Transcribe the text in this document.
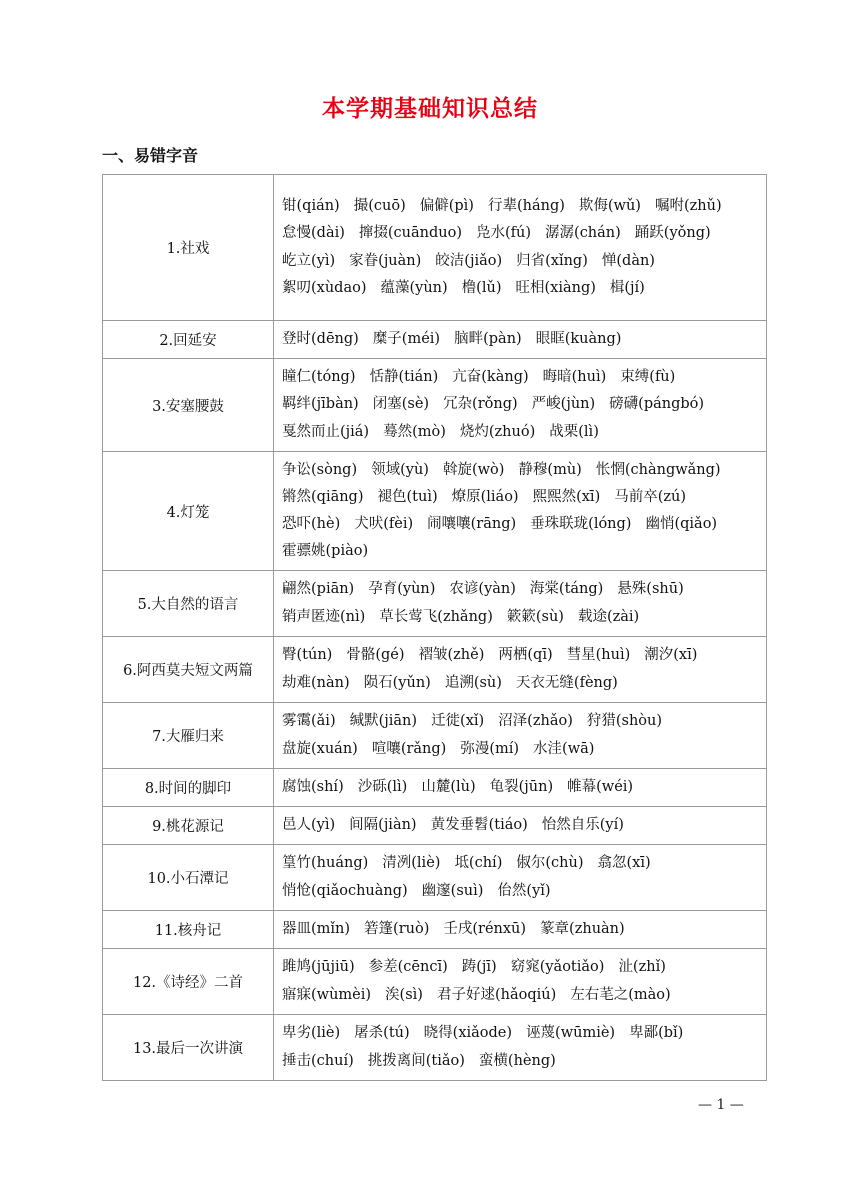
本学期基础知识总结
一、易错字音
1.社戏	钳(qián) 撮(cuō) 偏僻(pì) 行辈(háng) 欺侮(wǔ) 嘱咐(zhǔ)怠慢(dài) 撺掇(cuānduo) 凫水(fú) 潺潺(chán) 踊跃(yǒng)屹立(yì) 家眷(juàn) 皎洁(jiǎo) 归省(xǐng) 惮(dàn)絮叨(xùdao) 蕴藻(yùn) 橹(lǔ) 旺相(xiàng) 楫(jí)
2.回延安	登时(dēng) 糜子(méi) 脑畔(pàn) 眼眶(kuàng)
3.安塞腰鼓	瞳仁(tóng) 恬静(tián) 亢奋(kàng) 晦暗(huì) 束缚(fù)羁绊(jībàn) 闭塞(sè) 冗杂(rǒng) 严峻(jùn) 磅礴(pángbó)戛然而止(jiá) 蓦然(mò) 烧灼(zhuó) 战栗(lì)
4.灯笼	争讼(sòng) 领域(yù) 斡旋(wò) 静穆(mù) 怅惘(chàngwǎng)锵然(qiāng) 褪色(tuì) 燎原(liáo) 熙熙然(xī) 马前卒(zú)恐吓(hè) 犬吠(fèi) 闹嚷嚷(rāng) 垂珠联珑(lóng) 幽悄(qiǎo)霍骠姚(piào)
5.大自然的语言	翩然(piān) 孕育(yùn) 农谚(yàn) 海棠(táng) 悬殊(shū)销声匿迹(nì) 草长莺飞(zhǎng) 簌簌(sù) 载途(zài)
6.阿西莫夫短文两篇	臀(tún) 骨骼(gé) 褶皱(zhě) 两栖(qī) 彗星(huì) 潮汐(xī)劫难(nàn) 陨石(yǔn) 追溯(sù) 天衣无缝(fèng)
7.大雁归来	雾霭(ǎi) 缄默(jiān) 迁徙(xǐ) 沼泽(zhǎo) 狩猎(shòu)盘旋(xuán) 喧嚷(rǎng) 弥漫(mí) 水洼(wā)
8.时间的脚印	腐蚀(shí) 沙砾(lì) 山麓(lù) 龟裂(jūn) 帷幕(wéi)
9.桃花源记	邑人(yì) 间隔(jiàn) 黄发垂髫(tiáo) 怡然自乐(yí)
10.小石潭记	篁竹(huáng) 清冽(liè) 坻(chí) 俶尔(chù) 翕忽(xī)悄怆(qiǎochuàng) 幽邃(suì) 佁然(yǐ)
11.核舟记	器皿(mǐn) 箬篷(ruò) 壬戌(rénxū) 篆章(zhuàn)
12.《诗经》二首	雎鸠(jūjiū) 参差(cēncī) 踌(jī) 窈窕(yǎotiǎo) 沚(zhǐ)寤寐(wùmèi) 涘(sì) 君子好逑(hǎoqiú) 左右芼之(mào)
13.最后一次讲演	卑劣(liè) 屠杀(tú) 晓得(xiǎode) 诬蔑(wūmiè) 卑鄙(bǐ)捶击(chuí) 挑拨离间(tiǎo) 蛮横(hèng)
— 1 —
